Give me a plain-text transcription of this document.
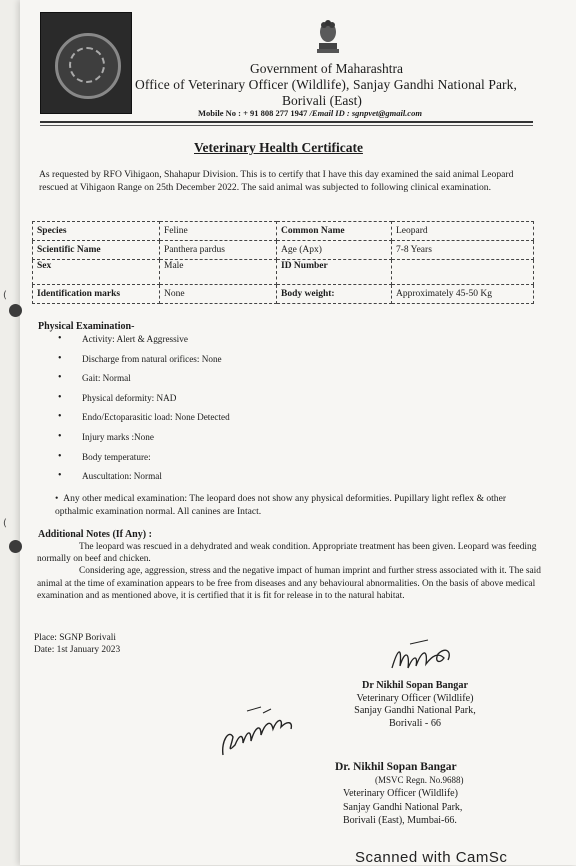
(
(
Government of Maharashtra
Office of Veterinary Officer (Wildlife), Sanjay Gandhi National Park,
Borivali (East)
Mobile No : + 91 808 277 1947 /Email ID : sgnpvet@gmail.com
Veterinary Health Certificate
As requested by RFO Vihigaon, Shahapur Division. This is to certify that I have this day examined the said animal Leopard rescued at Vihigaon Range on 25th December 2022. The said animal was subjected to following clinical examination.
Species	Feline	Common Name	Leopard
Scientific Name	Panthera pardus	Age (Apx)	7-8 Years
Sex	Male	ID Number	
Identification marks	None	Body weight:	Approximately 45-50 Kg
Physical Examination-
• Activity: Alert & Aggressive
• Discharge from natural orifices: None
• Gait: Normal
• Physical deformity: NAD
• Endo/Ectoparasitic load: None Detected
• Injury marks :None
• Body temperature:
• Auscultation: Normal
•  Any other medical examination: The leopard does not show any physical deformities. Pupillary light reflex & other opthalmic examination normal. All canines are Intact.
Additional Notes (If Any) :

The leopard was rescued in a dehydrated and weak condition. Appropriate treatment has been given. Leopard was feeding normally on beef and chicken.

Considering age, aggression, stress and the negative impact of human imprint and further stress associated with it. The said animal at the time of examination appears to be free from diseases and any behavioural abnormalities. On the basis of above medical examination and as mentioned above, it is certified that it is fit for release in to the natural habitat.

Place: SGNP Borivali
Date: 1st January 2023
Dr Nikhil Sopan Bangar
Veterinary Officer (Wildlife)
Sanjay Gandhi National Park,
Borivali - 66
Dr. Nikhil Sopan Bangar
(MSVC Regn. No.9688)
Veterinary Officer (Wildlife)
Sanjay Gandhi National Park,
Borivali (East), Mumbai-66.
Scanned with CamSc
